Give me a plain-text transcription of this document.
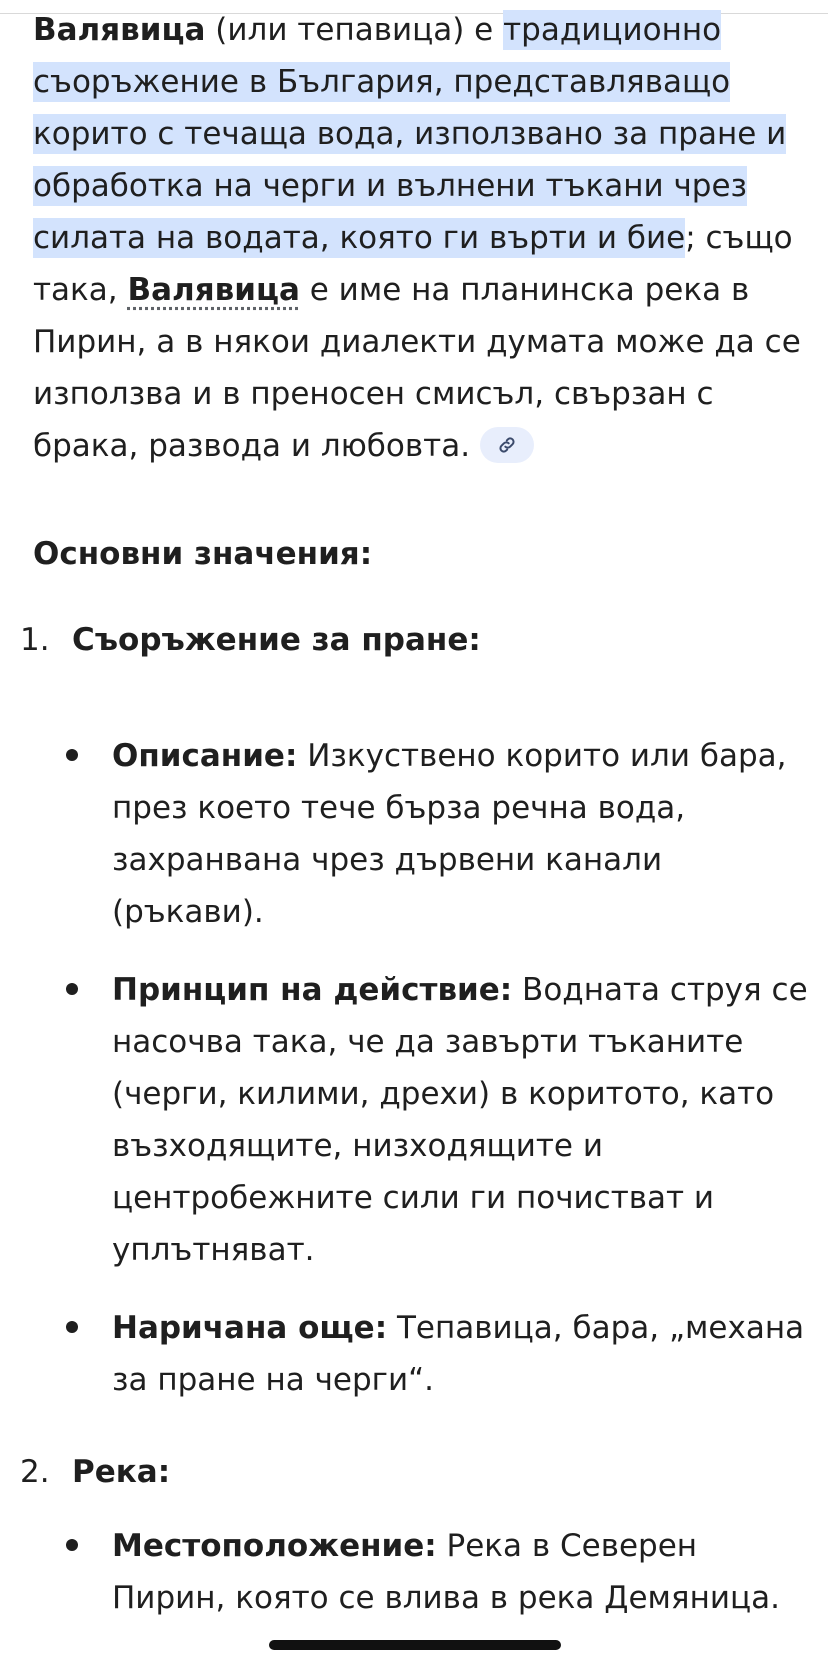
Валявица (или тепавица) е традиционно съоръжение в България, представляващо корито с течаща вода, използвано за пране и обработка на черги и вълнени тъкани чрез силата на водата, която ги върти и бие; също така, Валявица е име на планинска река в Пирин, а в някои диалекти думата може да се използва и в преносен смисъл, свързан с брака, развода и любовта.
Основни значения:
1. Съоръжение за пране:
Описание: Изкуствено корито или бара, през което тече бърза речна вода, захранвана чрез дървени канали (ръкави).
Принцип на действие: Водната струя се насочва така, че да завърти тъканите (черги, килими, дрехи) в коритото, като възходящите, низходящите и центробежните сили ги почистват и уплътняват.
Наричана още: Тепавица, бара, „механа за пране на черги“.
2. Река:
Местоположение: Река в Северен Пирин, която се влива в река Демяница.
